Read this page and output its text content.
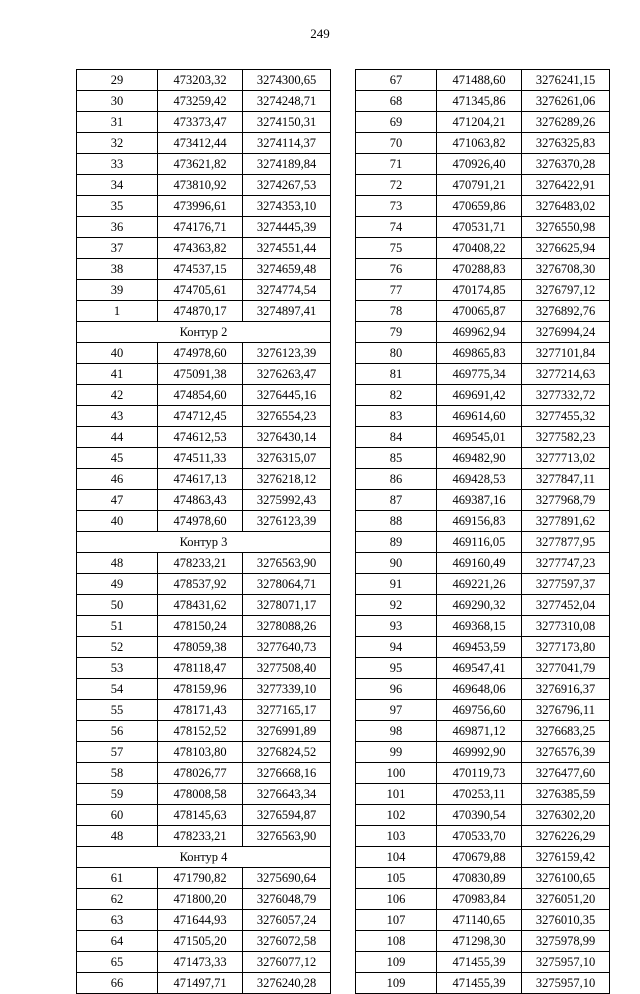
249
29	473203,32	3274300,65
30	473259,42	3274248,71
31	473373,47	3274150,31
32	473412,44	3274114,37
33	473621,82	3274189,84
34	473810,92	3274267,53
35	473996,61	3274353,10
36	474176,71	3274445,39
37	474363,82	3274551,44
38	474537,15	3274659,48
39	474705,61	3274774,54
1	474870,17	3274897,41
Контур 2		
40	474978,60	3276123,39
41	475091,38	3276263,47
42	474854,60	3276445,16
43	474712,45	3276554,23
44	474612,53	3276430,14
45	474511,33	3276315,07
46	474617,13	3276218,12
47	474863,43	3275992,43
40	474978,60	3276123,39
Контур 3		
48	478233,21	3276563,90
49	478537,92	3278064,71
50	478431,62	3278071,17
51	478150,24	3278088,26
52	478059,38	3277640,73
53	478118,47	3277508,40
54	478159,96	3277339,10
55	478171,43	3277165,17
56	478152,52	3276991,89
57	478103,80	3276824,52
58	478026,77	3276668,16
59	478008,58	3276643,34
60	478145,63	3276594,87
48	478233,21	3276563,90
Контур 4		
61	471790,82	3275690,64
62	471800,20	3276048,79
63	471644,93	3276057,24
64	471505,20	3276072,58
65	471473,33	3276077,12
66	471497,71	3276240,28
67	471488,60	3276241,15
68	471345,86	3276261,06
69	471204,21	3276289,26
70	471063,82	3276325,83
71	470926,40	3276370,28
72	470791,21	3276422,91
73	470659,86	3276483,02
74	470531,71	3276550,98
75	470408,22	3276625,94
76	470288,83	3276708,30
77	470174,85	3276797,12
78	470065,87	3276892,76
79	469962,94	3276994,24
80	469865,83	3277101,84
81	469775,34	3277214,63
82	469691,42	3277332,72
83	469614,60	3277455,32
84	469545,01	3277582,23
85	469482,90	3277713,02
86	469428,53	3277847,11
87	469387,16	3277968,79
88	469156,83	3277891,62
89	469116,05	3277877,95
90	469160,49	3277747,23
91	469221,26	3277597,37
92	469290,32	3277452,04
93	469368,15	3277310,08
94	469453,59	3277173,80
95	469547,41	3277041,79
96	469648,06	3276916,37
97	469756,60	3276796,11
98	469871,12	3276683,25
99	469992,90	3276576,39
100	470119,73	3276477,60
101	470253,11	3276385,59
102	470390,54	3276302,20
103	470533,70	3276226,29
104	470679,88	3276159,42
105	470830,89	3276100,65
106	470983,84	3276051,20
107	471140,65	3276010,35
108	471298,30	3275978,99
109	471455,39	3275957,10
109	471455,39	3275957,10
